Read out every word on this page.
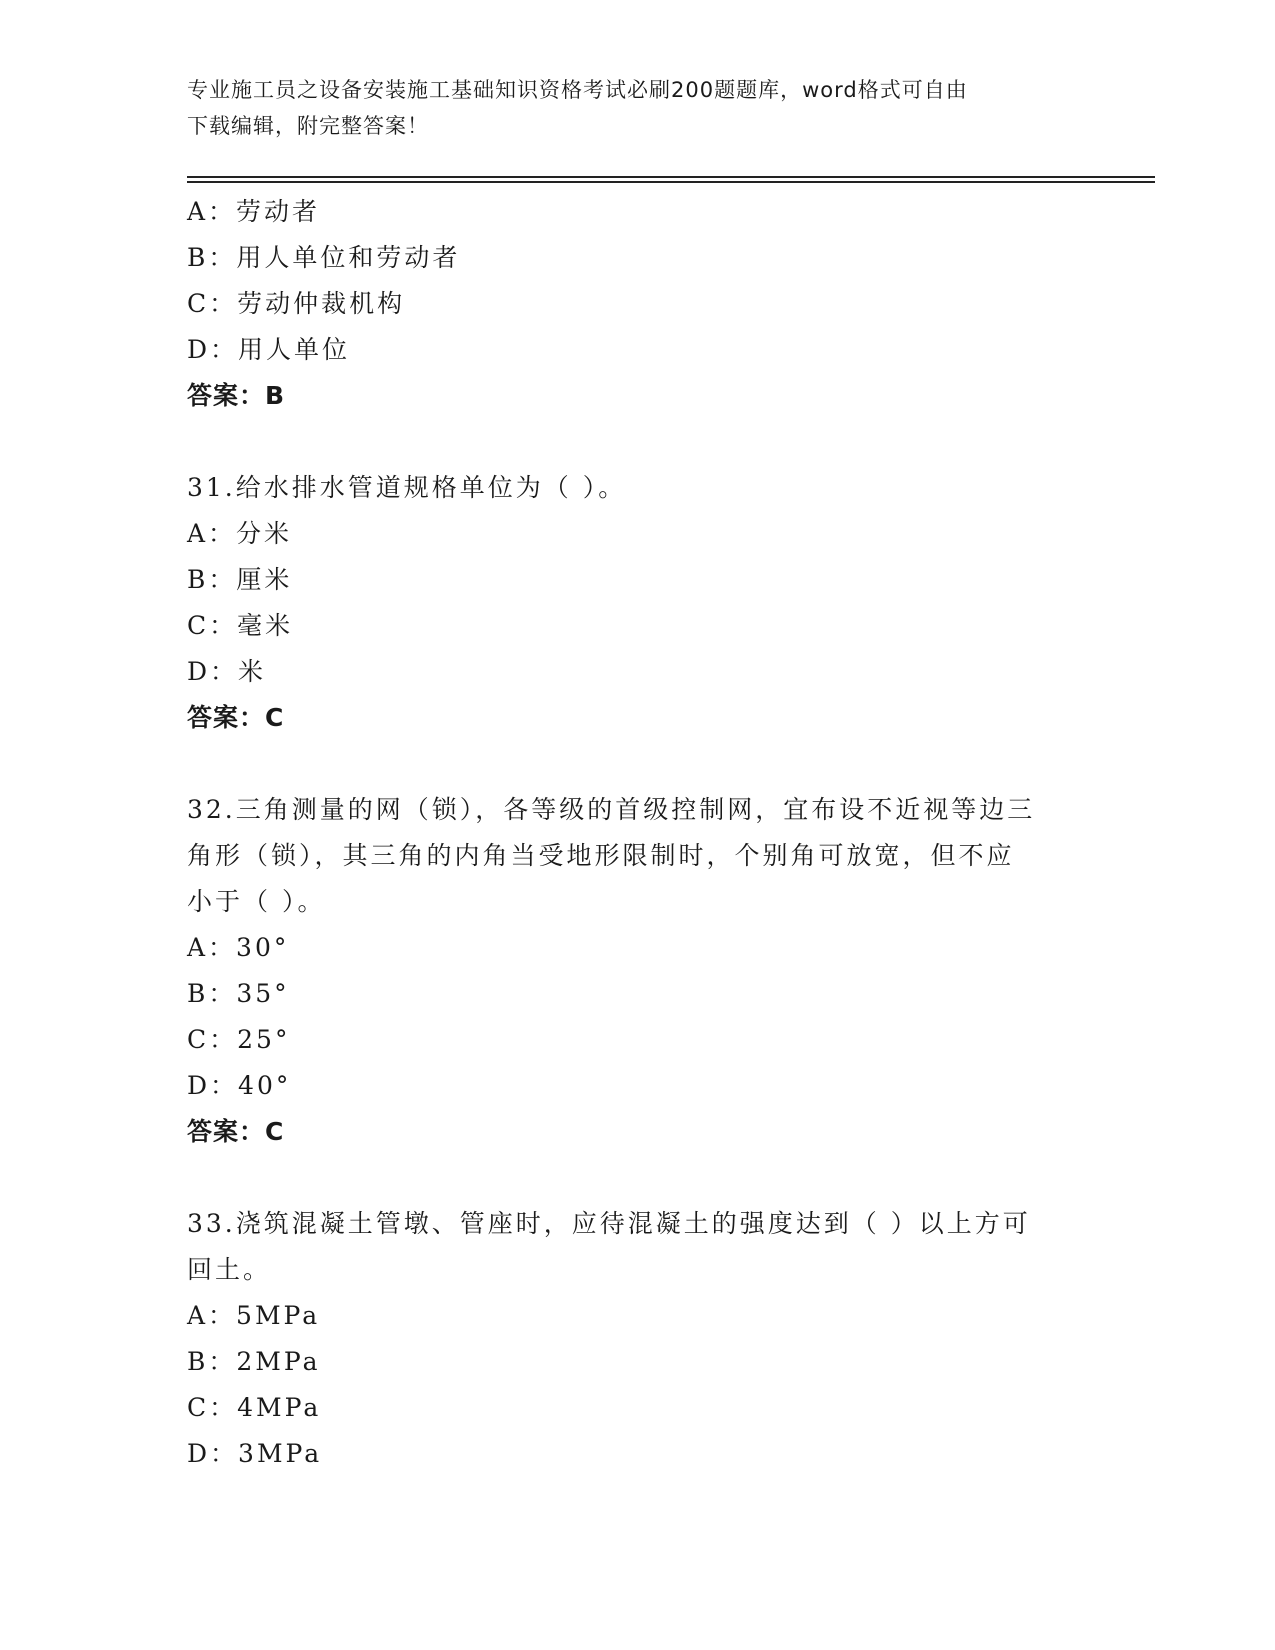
专业施工员之设备安装施工基础知识资格考试必刷200题题库，word格式可自由
下载编辑，附完整答案！
A：劳动者
B：用人单位和劳动者
C：劳动仲裁机构
D：用人单位
答案：B
31.给水排水管道规格单位为（ ）。
A：分米
B：厘米
C：毫米
D：米
答案：C
32.三角测量的网（锁），各等级的首级控制网，宜布设不近视等边三
角形（锁），其三角的内角当受地形限制时，个别角可放宽，但不应
小于（ ）。
A：30°
B：35°
C：25°
D：40°
答案：C
33.浇筑混凝土管墩、管座时，应待混凝土的强度达到（ ）以上方可
回土。
A：5MPa
B：2MPa
C：4MPa
D：3MPa
